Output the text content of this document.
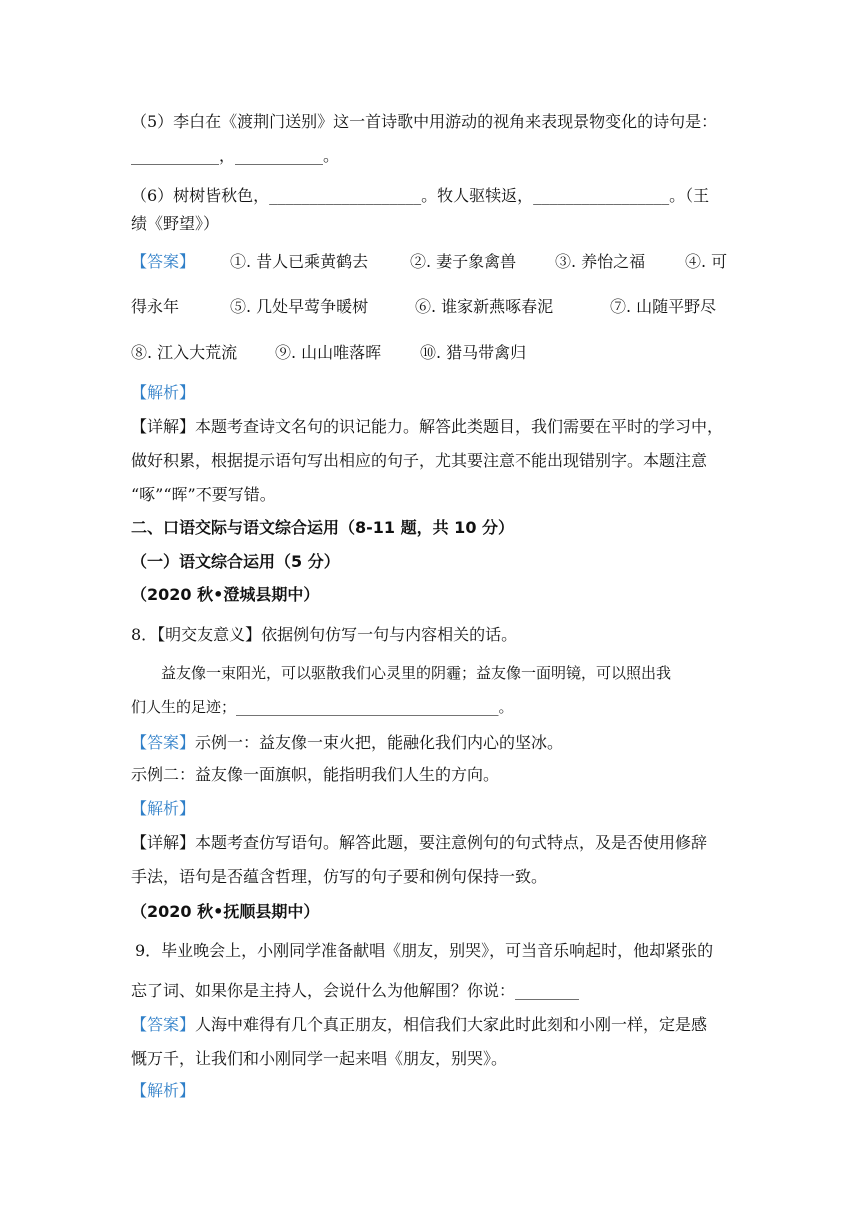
（5）李白在《渡荆门送别》这一首诗歌中用游动的视角来表现景物变化的诗句是：
___________，___________。
（6）树树皆秋色，___________________。牧人驱犊返，_________________。（王
绩《野望》）
【答案】 ①. 昔人已乘黄鹤去	②. 妻子象禽兽 ③. 养怡之福 ④. 可
得永年	⑤. 几处早莺争暖树	⑥. 谁家新燕啄春泥	⑦. 山随平野尽
⑧. 江入大荒流 ⑨. 山山唯落晖 ⑩. 猎马带禽归
【解析】
【详解】本题考查诗文名句的识记能力。解答此类题目，我们需要在平时的学习中，
做好积累，根据提示语句写出相应的句子，尤其要注意不能出现错别字。本题注意
“啄”“晖”不要写错。
二、口语交际与语文综合运用（8-11 题，共 10 分）
（一）语文综合运用（5 分）
（2020 秋•澄城县期中）
8．【明交友意义】依据例句仿写一句与内容相关的话。
益友像一束阳光，可以驱散我们心灵里的阴霾；益友像一面明镜，可以照出我
们人生的足迹；___________________________________。
【答案】示例一：益友像一束火把，能融化我们内心的坚冰。
示例二：益友像一面旗帜，能指明我们人生的方向。
【解析】
【详解】本题考查仿写语句。解答此题，要注意例句的句式特点，及是否使用修辞
手法，语句是否蕴含哲理，仿写的句子要和例句保持一致。
（2020 秋•抚顺县期中）
9．毕业晚会上，小刚同学准备献唱《朋友，别哭》，可当音乐响起时，他却紧张的
忘了词、如果你是主持人，会说什么为他解围？你说：________
【答案】人海中难得有几个真正朋友，相信我们大家此时此刻和小刚一样，定是感
慨万千，让我们和小刚同学一起来唱《朋友，别哭》。
【解析】
